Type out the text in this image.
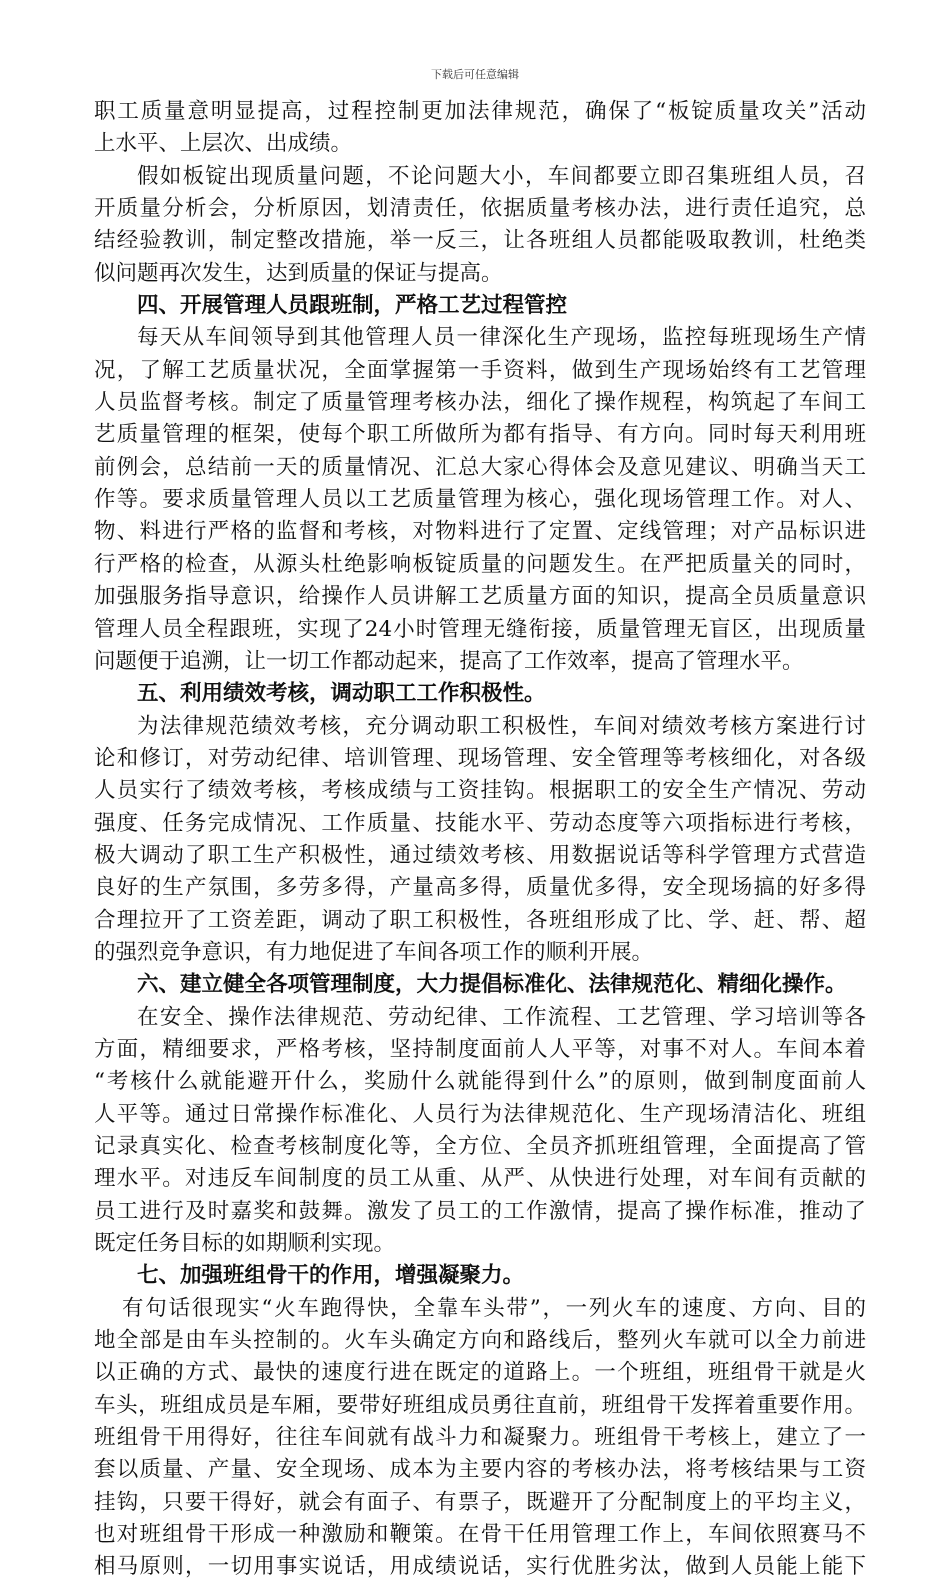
下载后可任意编辑
职工质量意明显提高，过程控制更加法律规范，确保了“板锭质量攻关”活动
上水平、上层次、出成绩。
假如板锭出现质量问题，不论问题大小，车间都要立即召集班组人员，召
开质量分析会，分析原因，划清责任，依据质量考核办法，进行责任追究，总
结经验教训，制定整改措施，举一反三，让各班组人员都能吸取教训，杜绝类
似问题再次发生，达到质量的保证与提高。
四、开展管理人员跟班制，严格工艺过程管控
每天从车间领导到其他管理人员一律深化生产现场，监控每班现场生产情
况，了解工艺质量状况，全面掌握第一手资料，做到生产现场始终有工艺管理
人员监督考核。制定了质量管理考核办法，细化了操作规程，构筑起了车间工
艺质量管理的框架，使每个职工所做所为都有指导、有方向。同时每天利用班
前例会，总结前一天的质量情况、汇总大家心得体会及意见建议、明确当天工
作等。要求质量管理人员以工艺质量管理为核心，强化现场管理工作。对人、
物、料进行严格的监督和考核，对物料进行了定置、定线管理；对产品标识进
行严格的检查，从源头杜绝影响板锭质量的问题发生。在严把质量关的同时，
加强服务指导意识，给操作人员讲解工艺质量方面的知识，提高全员质量意识
管理人员全程跟班，实现了24小时管理无缝衔接，质量管理无盲区，出现质量
问题便于追溯，让一切工作都动起来，提高了工作效率，提高了管理水平。
五、利用绩效考核，调动职工工作积极性。
为法律规范绩效考核，充分调动职工积极性，车间对绩效考核方案进行讨
论和修订，对劳动纪律、培训管理、现场管理、安全管理等考核细化，对各级
人员实行了绩效考核，考核成绩与工资挂钩。根据职工的安全生产情况、劳动
强度、任务完成情况、工作质量、技能水平、劳动态度等六项指标进行考核，
极大调动了职工生产积极性，通过绩效考核、用数据说话等科学管理方式营造
良好的生产氛围，多劳多得，产量高多得，质量优多得，安全现场搞的好多得
合理拉开了工资差距，调动了职工积极性，各班组形成了比、学、赶、帮、超
的强烈竞争意识，有力地促进了车间各项工作的顺利开展。
六、建立健全各项管理制度，大力提倡标准化、法律规范化、精细化操作。
在安全、操作法律规范、劳动纪律、工作流程、工艺管理、学习培训等各
方面，精细要求，严格考核，坚持制度面前人人平等，对事不对人。车间本着
“考核什么就能避开什么，奖励什么就能得到什么”的原则，做到制度面前人
人平等。通过日常操作标准化、人员行为法律规范化、生产现场清洁化、班组
记录真实化、检查考核制度化等，全方位、全员齐抓班组管理，全面提高了管
理水平。对违反车间制度的员工从重、从严、从快进行处理，对车间有贡献的
员工进行及时嘉奖和鼓舞。激发了员工的工作激情，提高了操作标准，推动了
既定任务目标的如期顺利实现。
七、加强班组骨干的作用，增强凝聚力。
有句话很现实“火车跑得快，全靠车头带”，一列火车的速度、方向、目的
地全部是由车头控制的。火车头确定方向和路线后，整列火车就可以全力前进
以正确的方式、最快的速度行进在既定的道路上。一个班组，班组骨干就是火
车头，班组成员是车厢，要带好班组成员勇往直前，班组骨干发挥着重要作用。
班组骨干用得好，往往车间就有战斗力和凝聚力。班组骨干考核上，建立了一
套以质量、产量、安全现场、成本为主要内容的考核办法，将考核结果与工资
挂钩，只要干得好，就会有面子、有票子，既避开了分配制度上的平均主义，
也对班组骨干形成一种激励和鞭策。在骨干任用管理工作上，车间依照赛马不
相马原则，一切用事实说话，用成绩说话，实行优胜劣汰，做到人员能上能下
